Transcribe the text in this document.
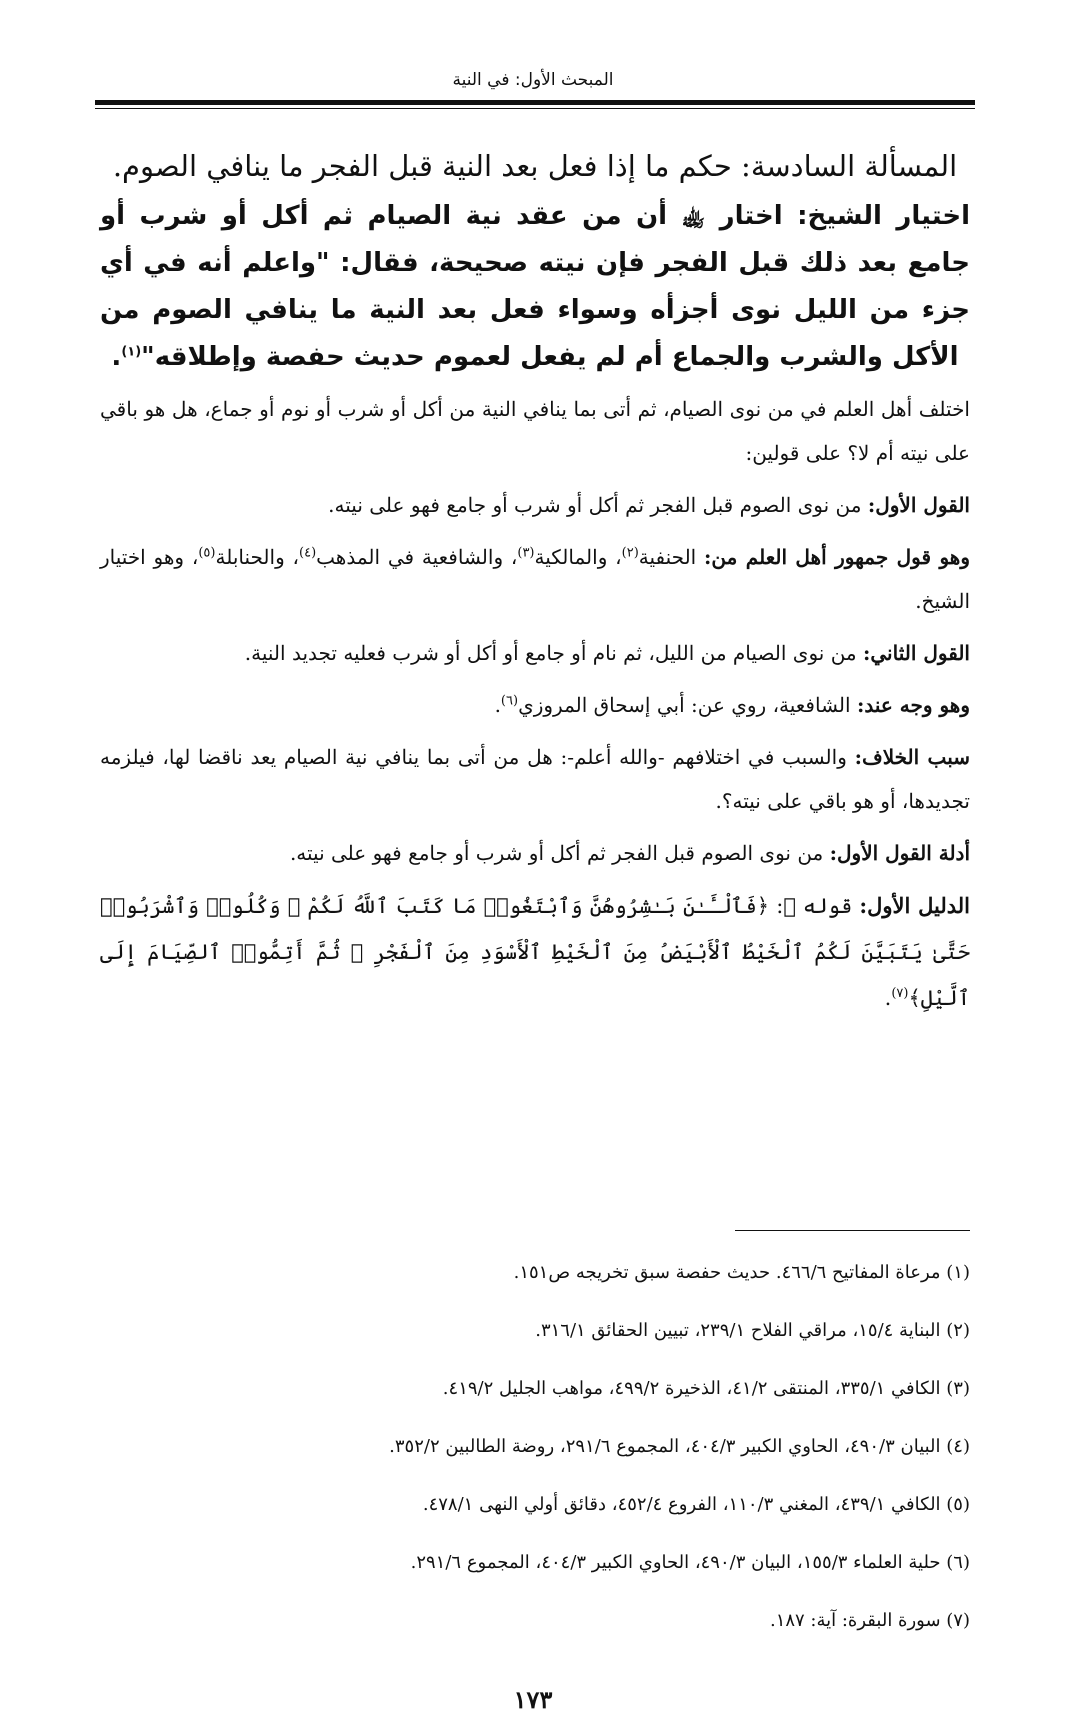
المبحث الأول: في النية

المسألة السادسة: حكم ما إذا فعل بعد النية قبل الفجر ما ينافي الصوم.

اختيار الشيخ: اختار ﵀ أن من عقد نية الصيام ثم أكل أو شرب أو جامع بعد ذلك قبل الفجر فإن نيته صحيحة، فقال: "واعلم أنه في أي جزء من الليل نوى أجزأه وسواء فعل بعد النية ما ينافي الصوم من الأكل والشرب والجماع أم لم يفعل لعموم حديث حفصة وإطلاقه"$^{(١)}$.

اختلف أهل العلم في من نوى الصيام، ثم أتى بما ينافي النية من أكل أو شرب أو نوم أو جماع، هل هو باقي على نيته أم لا؟ على قولين:

القول الأول: من نوى الصوم قبل الفجر ثم أكل أو شرب أو جامع فهو على نيته.

وهو قول جمهور أهل العلم من: الحنفية$^{(٢)}$، والمالكية$^{(٣)}$، والشافعية في المذهب$^{(٤)}$، والحنابلة$^{(٥)}$، وهو اختيار الشيخ.

القول الثاني: من نوى الصيام من الليل، ثم نام أو جامع أو أكل أو شرب فعليه تجديد النية.

وهو وجه عند: الشافعية، روي عن: أبي إسحاق المروزي$^{(٦)}$.

سبب الخلاف: والسبب في اختلافهم -والله أعلم-: هل من أتى بما ينافي نية الصيام يعد ناقضا لها، فيلزمه تجديدها، أو هو باقي على نيته؟.

أدلة القول الأول: من نوى الصوم قبل الفجر ثم أكل أو شرب أو جامع فهو على نيته.

الدليل الأول: قوله ﷻ: ﴿فَٱلْـَٔـٰنَ بَـٰشِرُوهُنَّ وَٱبْتَغُوا۟ مَا كَتَبَ ٱللَّهُ لَكُمْ ۚ وَكُلُوا۟ وَٱشْرَبُوا۟ حَتَّىٰ يَتَبَيَّنَ لَكُمُ ٱلْخَيْطُ ٱلْأَبْيَضُ مِنَ ٱلْخَيْطِ ٱلْأَسْوَدِ مِنَ ٱلْفَجْرِ ۖ ثُمَّ أَتِمُّوا۟ ٱلصِّيَامَ إِلَى ٱلَّيْلِ﴾$^{(٧)}$.

(١) مرعاة المفاتيح ٤٦٦/٦. حديث حفصة سبق تخريجه ص١٥١.

(٢) البناية ١٥/٤، مراقي الفلاح ٢٣٩/١، تبيين الحقائق ٣١٦/١.

(٣) الكافي ٣٣٥/١، المنتقى ٤١/٢، الذخيرة ٤٩٩/٢، مواهب الجليل ٤١٩/٢.

(٤) البيان ٤٩٠/٣، الحاوي الكبير ٤٠٤/٣، المجموع ٢٩١/٦، روضة الطالبين ٣٥٢/٢.

(٥) الكافي ٤٣٩/١، المغني ١١٠/٣، الفروع ٤٥٢/٤، دقائق أولي النهى ٤٧٨/١.

(٦) حلية العلماء ١٥٥/٣، البيان ٤٩٠/٣، الحاوي الكبير ٤٠٤/٣، المجموع ٢٩١/٦.

(٧) سورة البقرة: آية: ١٨٧.

١٧٣
